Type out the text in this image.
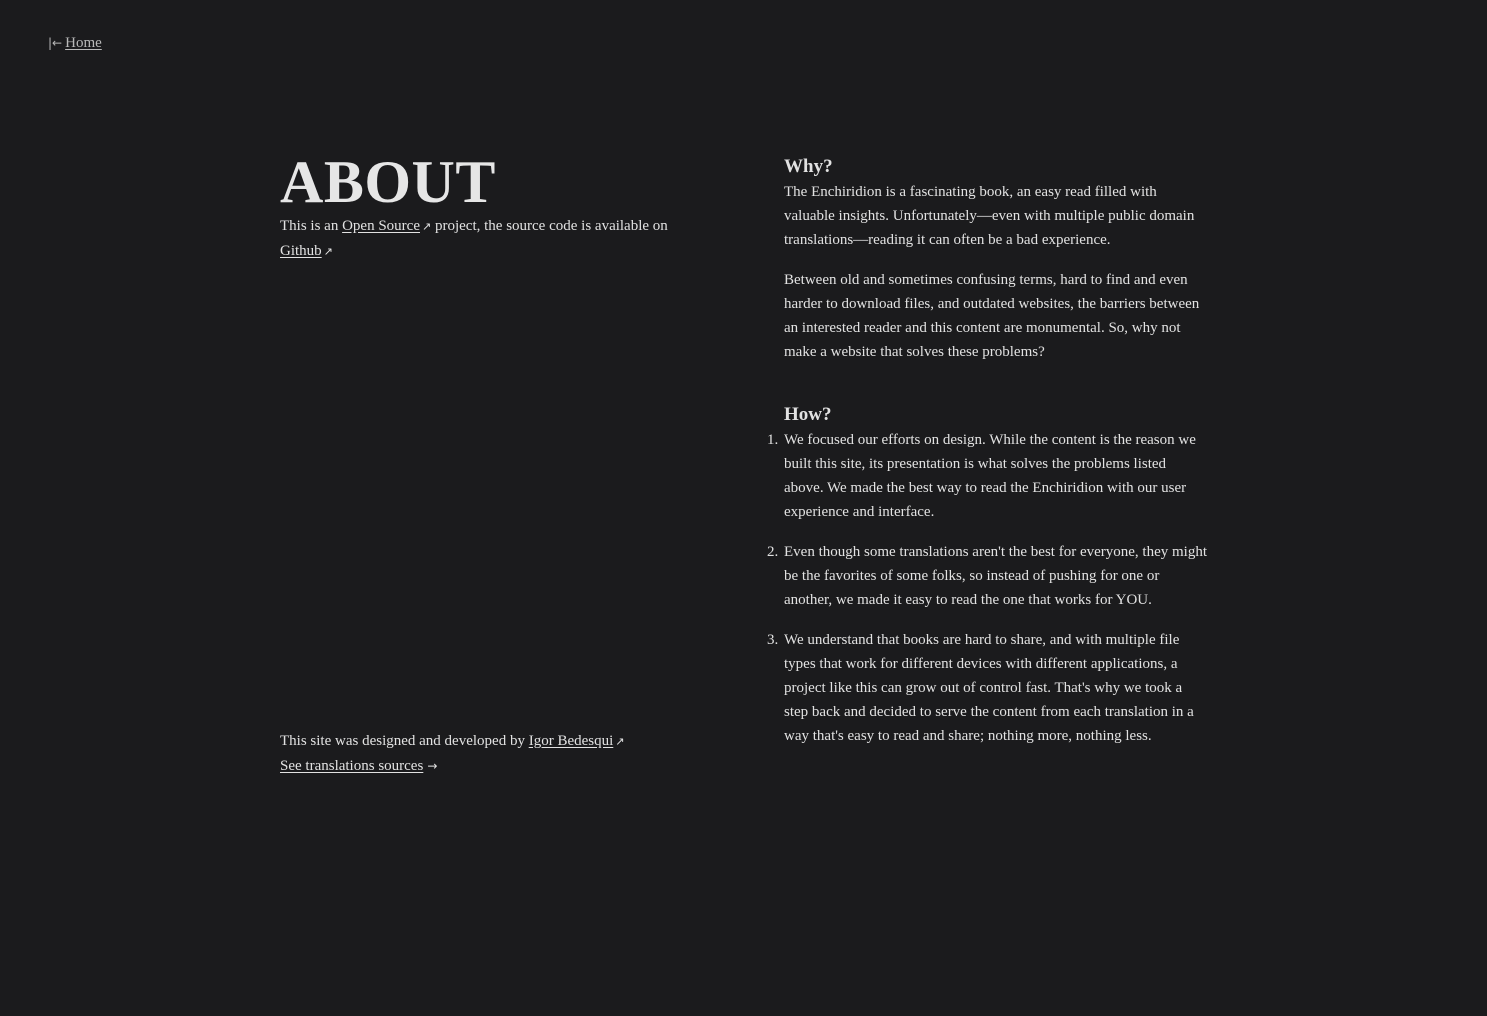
|← Home
ABOUT

This is an Open Source ↗ project, the source code is available on Github ↗

This site was designed and developed by Igor Bedesqui ↗

See translations sources →

Why?

The Enchiridion is a fascinating book, an easy read filled with valuable insights. Unfortunately—even with multiple public domain translations—reading it can often be a bad experience.

Between old and sometimes confusing terms, hard to find and even harder to download files, and outdated websites, the barriers between an interested reader and this content are monumental. So, why not make a website that solves these problems?

How?
1. We focused our efforts on design. While the content is the reason we built this site, its presentation is what solves the problems listed above. We made the best way to read the Enchiridion with our user experience and interface.
2. Even though some translations aren't the best for everyone, they might be the favorites of some folks, so instead of pushing for one or another, we made it easy to read the one that works for YOU.
3. We understand that books are hard to share, and with multiple file types that work for different devices with different applications, a project like this can grow out of control fast. That's why we took a step back and decided to serve the content from each translation in a way that's easy to read and share; nothing more, nothing less.
